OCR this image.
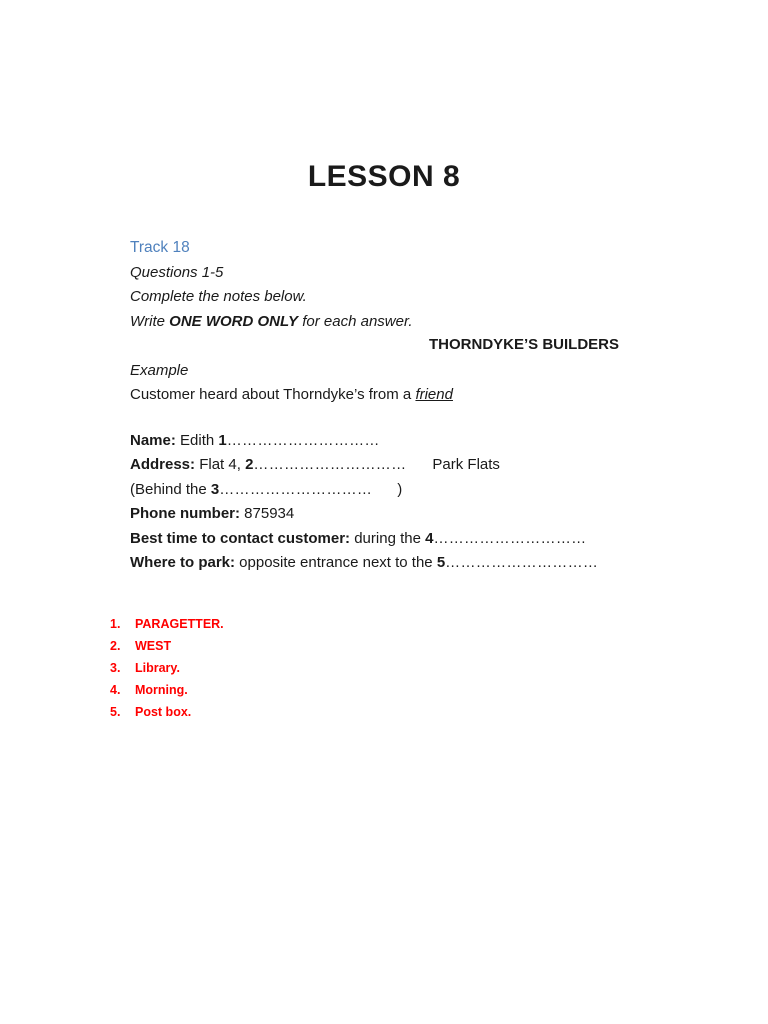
LESSON 8
Track 18
Questions 1-5
Complete the notes below.
Write ONE WORD ONLY for each answer.
Example
Customer heard about Thorndyke’s from a friend
Name: Edith 1…………………………
Address: Flat 4, 2………………………… Park Flats
(Behind the 3…………………………      )
Phone number: 875934
Best time to contact customer: during the 4…………………………
Where to park: opposite entrance next to the 5…………………………
THORNDYKE’S BUILDERS
1. PARAGETTER.
2. WEST
3. Library.
4. Morning.
5. Post box.
